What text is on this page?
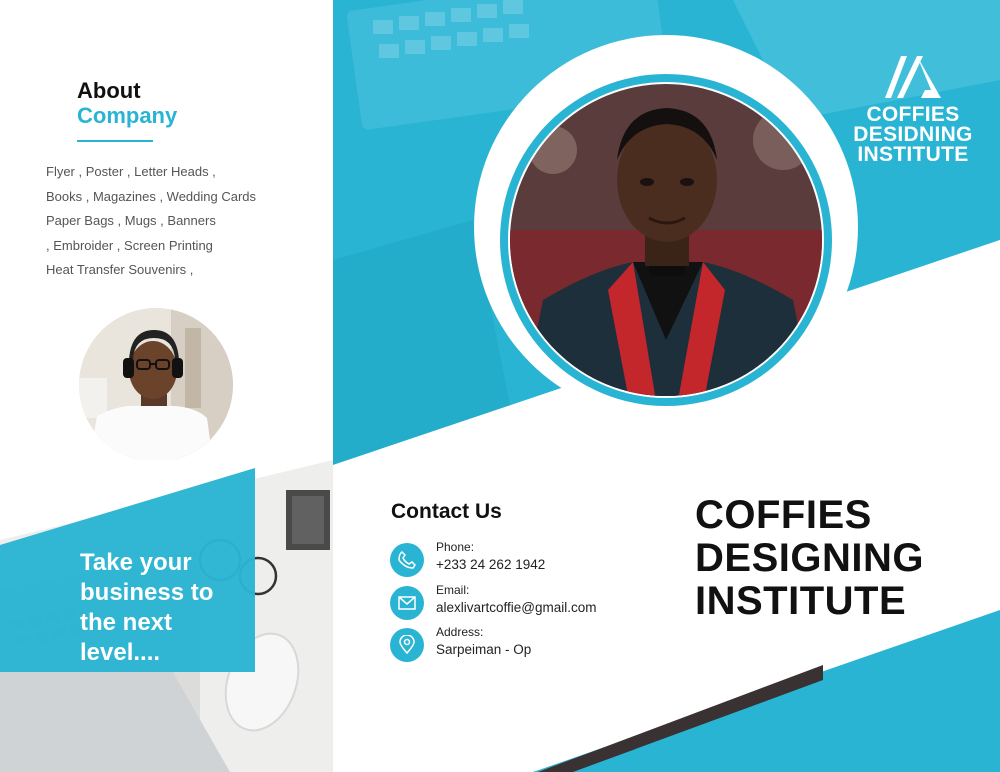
About
Company
Flyer , Poster , Letter Heads ,
Books , Magazines , Wedding Cards
Paper Bags , Mugs , Banners
, Embroider , Screen Printing
Heat Transfer Souvenirs ,
Take your
business to
the next
level....
COFFIES
DESIDNING
INSTITUTE
Contact Us
Phone:
+233 24 262 1942
Email:
alexlivartcoffie@gmail.com
Address:
Sarpeiman - Op
COFFIES
DESIGNING
INSTITUTE
